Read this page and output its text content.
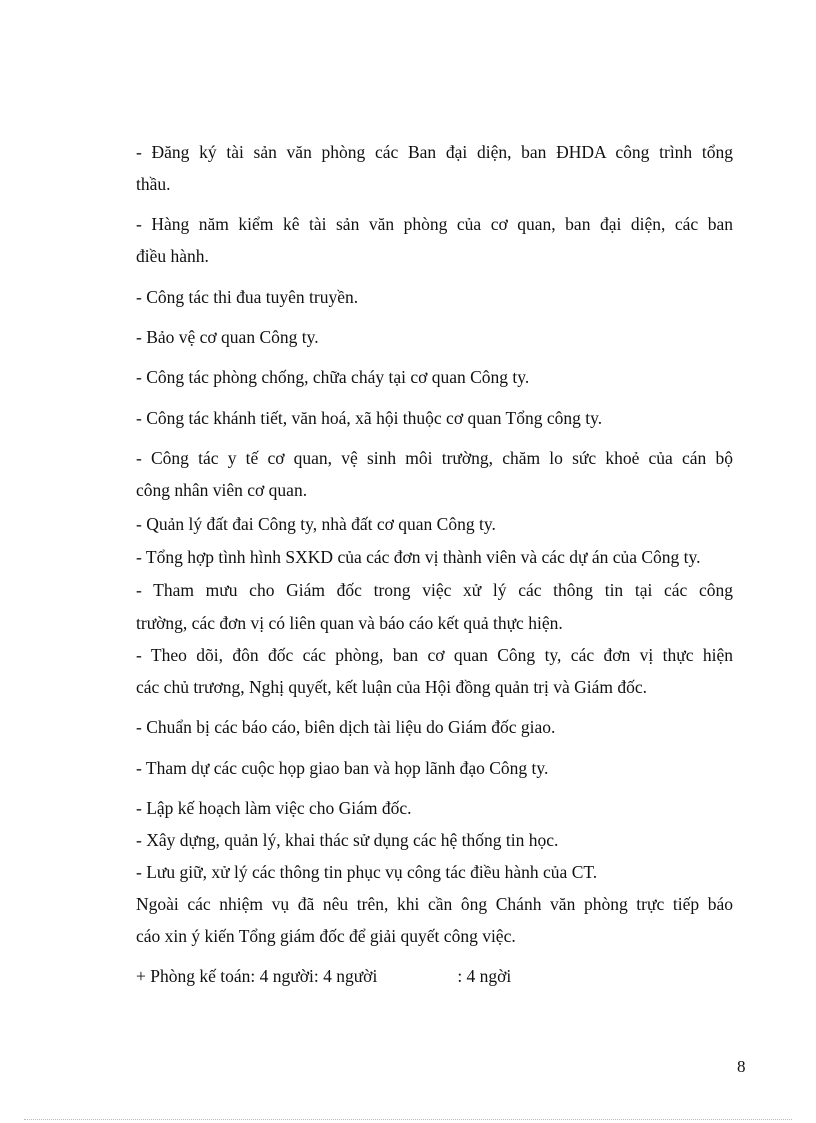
- Đăng ký tài sản văn phòng các Ban đại diện, ban ĐHDA công trình tổng
thầu.
- Hàng năm kiểm kê tài sản văn phòng của cơ quan, ban đại diện, các ban
điều hành.
- Công tác thi đua tuyên truyền.
- Bảo vệ cơ quan Công ty.
- Công tác phòng chống, chữa cháy tại cơ quan Công ty.
- Công tác khánh tiết, văn hoá, xã hội thuộc cơ quan Tổng công ty.
- Công tác y tế cơ quan, vệ sinh môi trường, chăm lo sức khoẻ của cán bộ
công nhân viên cơ quan.
- Quản lý đất đai Công ty, nhà đất cơ quan Công ty.
- Tổng hợp tình hình SXKD của các đơn vị thành viên và các dự án của Công ty.
- Tham mưu cho Giám đốc trong việc xử lý các thông tin tại các công
trường, các đơn vị có liên quan và báo cáo kết quả thực hiện.
- Theo dõi, đôn đốc các phòng, ban cơ quan Công ty, các đơn vị thực hiện
các chủ trương, Nghị quyết, kết luận của Hội đồng quản trị và Giám đốc.
- Chuẩn bị các báo cáo, biên dịch tài liệu do Giám đốc giao.
- Tham dự các cuộc họp giao ban và họp lãnh đạo Công ty.
- Lập kế hoạch làm việc cho Giám đốc.
- Xây dựng, quản lý, khai thác sử dụng các hệ thống tin học.
- Lưu giữ, xử lý các thông tin phục vụ công tác điều hành của CT.
Ngoài các nhiệm vụ đã nêu trên, khi cần ông Chánh văn phòng trực tiếp báo
cáo xin ý kiến Tổng giám đốc để giải quyết công việc.
+ Phòng kế toán: 4 người: 4 người	: 4 ngời
8
